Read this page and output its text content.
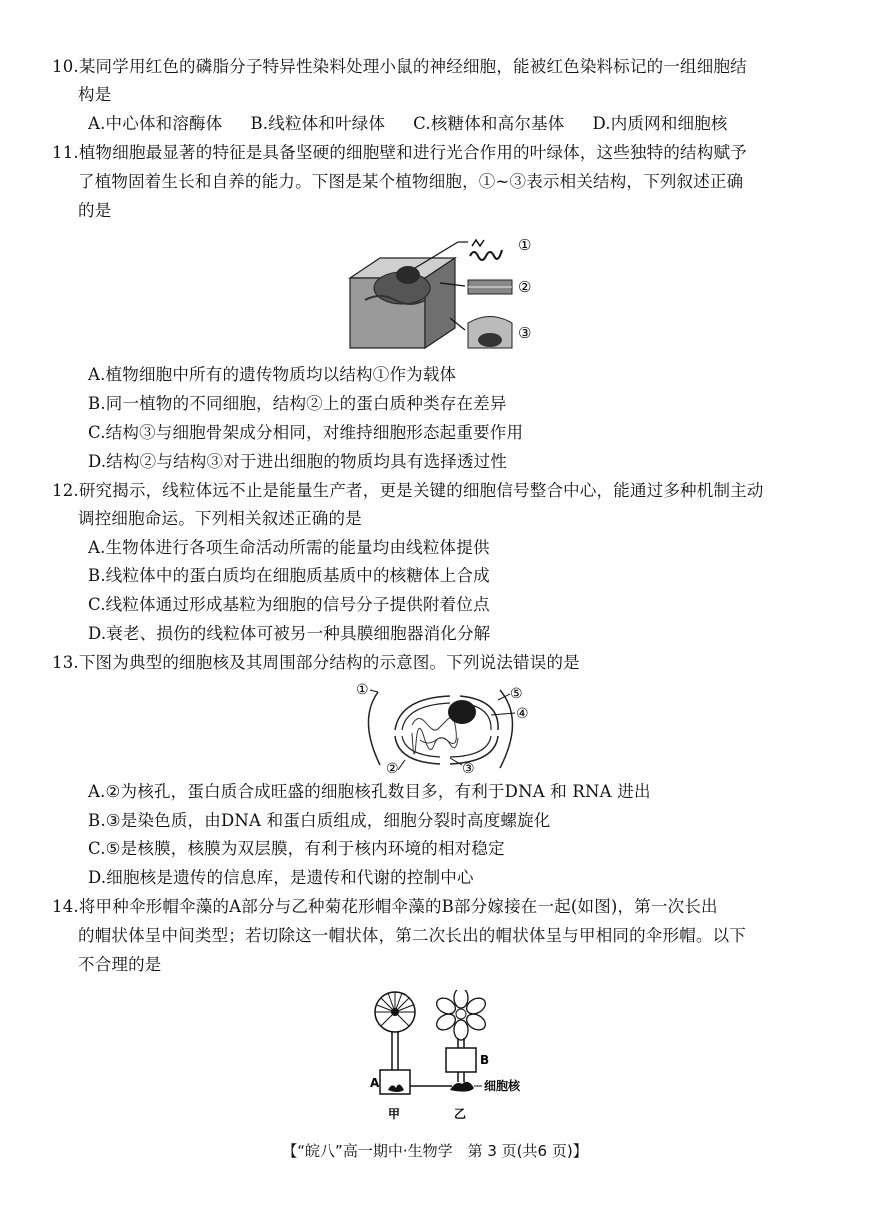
10.某同学用红色的磷脂分子特异性染料处理小鼠的神经细胞，能被红色染料标记的一组细胞结
构是
A.中心体和溶酶体 B.线粒体和叶绿体 C.核糖体和高尔基体 D.内质网和细胞核
11.植物细胞最显著的特征是具备坚硬的细胞壁和进行光合作用的叶绿体，这些独特的结构赋予
了植物固着生长和自养的能力。下图是某个植物细胞，①~③表示相关结构，下列叙述正确
的是
①
②
③
A.植物细胞中所有的遗传物质均以结构①作为载体
B.同一植物的不同细胞，结构②上的蛋白质种类存在差异
C.结构③与细胞骨架成分相同，对维持细胞形态起重要作用
D.结构②与结构③对于进出细胞的物质均具有选择透过性
12.研究揭示，线粒体远不止是能量生产者，更是关键的细胞信号整合中心，能通过多种机制主动
调控细胞命运。下列相关叙述正确的是
A.生物体进行各项生命活动所需的能量均由线粒体提供
B.线粒体中的蛋白质均在细胞质基质中的核糖体上合成
C.线粒体通过形成基粒为细胞的信号分子提供附着位点
D.衰老、损伤的线粒体可被另一种具膜细胞器消化分解
13.下图为典型的细胞核及其周围部分结构的示意图。下列说法错误的是
①
②	③
④
⑤
A.②为核孔，蛋白质合成旺盛的细胞核孔数目多，有利于DNA 和 RNA 进出
B.③是染色质，由DNA 和蛋白质组成，细胞分裂时高度螺旋化
C.⑤是核膜，核膜为双层膜，有利于核内环境的相对稳定
D.细胞核是遗传的信息库，是遗传和代谢的控制中心
14.将甲种伞形帽伞藻的A部分与乙种菊花形帽伞藻的B部分嫁接在一起(如图)，第一次长出
的帽状体呈中间类型；若切除这一帽状体，第二次长出的帽状体呈与甲相同的伞形帽。以下
不合理的是
A
B
细胞核
甲	乙
【“皖八”高一期中·生物学　第 3 页(共6 页)】
